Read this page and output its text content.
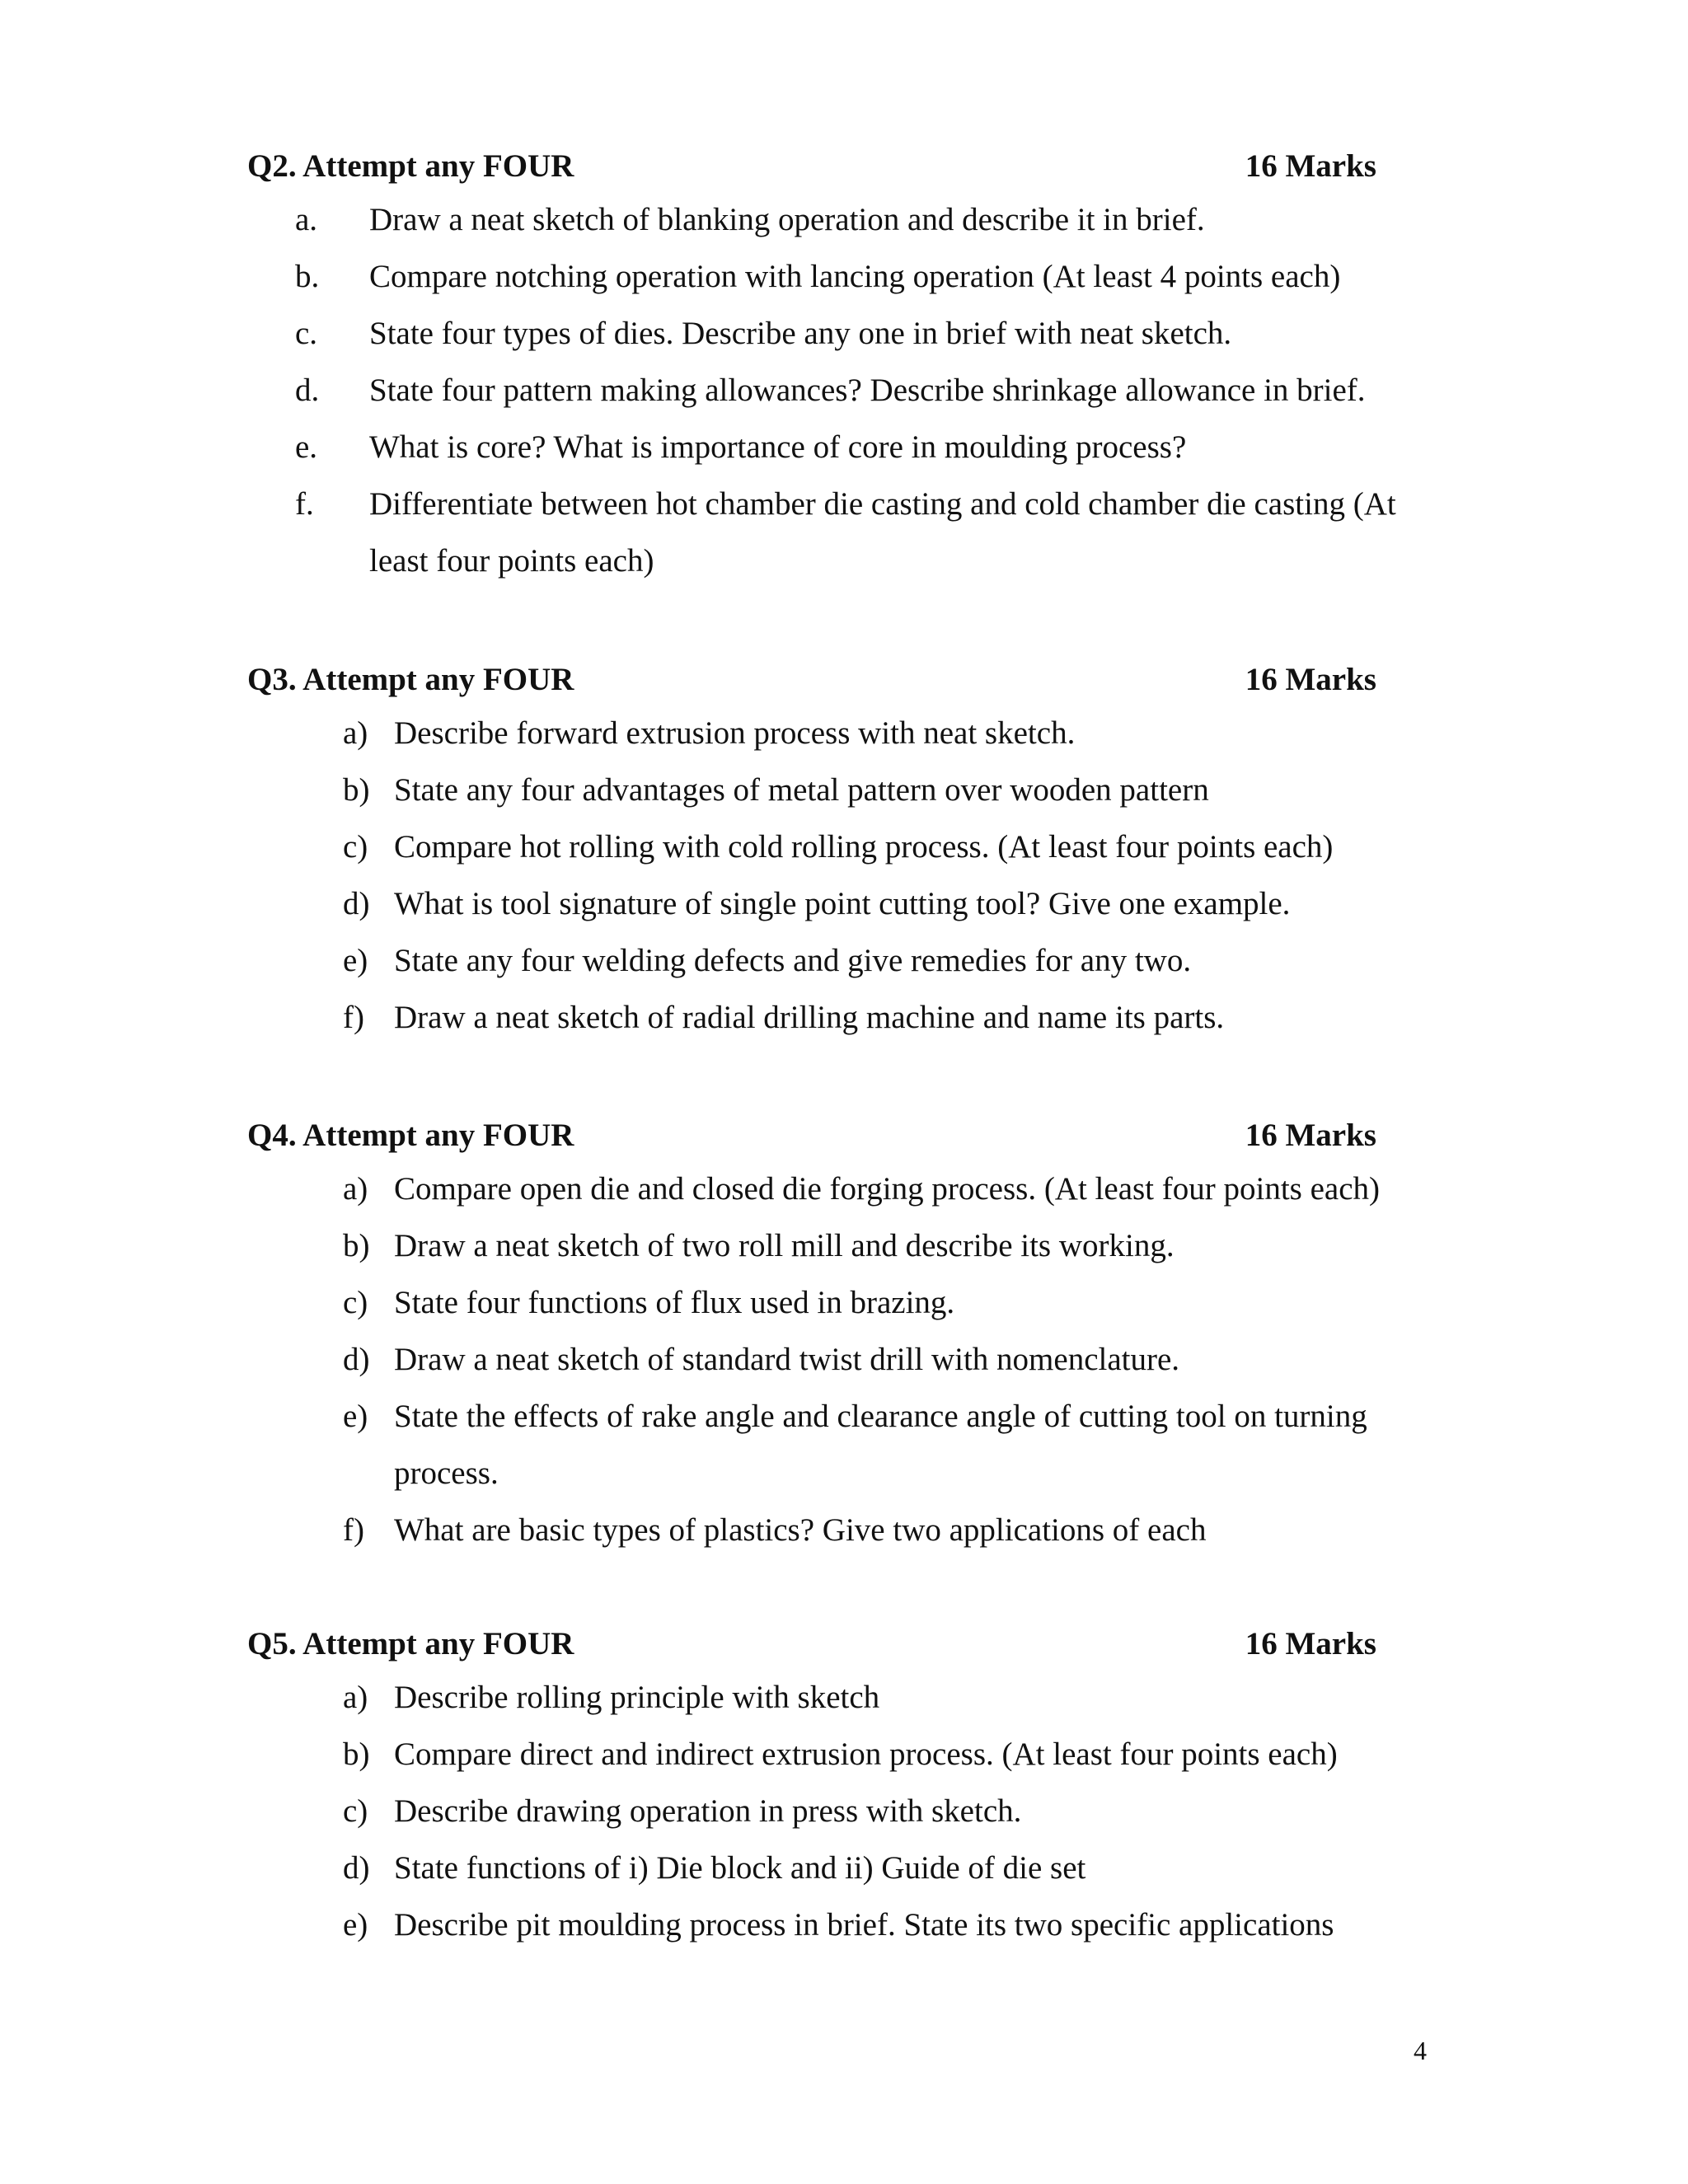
4
Q2. Attempt any FOUR	16 Marks
a. Draw a neat sketch of blanking operation and describe it in brief.
b. Compare notching operation with lancing operation (At least 4 points each)
c. State four types of dies. Describe any one in brief with neat sketch.
d. State four pattern making allowances? Describe shrinkage allowance in brief.
e. What is core? What is importance of core in moulding process?
f. Differentiate between hot chamber die casting and cold chamber die casting (At
least four points each)
Q3. Attempt any FOUR	16 Marks
a) Describe forward extrusion process with neat sketch.
b) State any four advantages of metal pattern over wooden pattern
c) Compare hot rolling with cold rolling process. (At least four points each)
d) What is tool signature of single point cutting tool? Give one example.
e) State any four welding defects and give remedies for any two.
f) Draw a neat sketch of radial drilling machine and name its parts.
Q4. Attempt any FOUR	16 Marks
a) Compare open die and closed die forging process. (At least four points each)
b) Draw a neat sketch of two roll mill and describe its working.
c) State four functions of flux used in brazing.
d) Draw a neat sketch of standard twist drill with nomenclature.
e) State the effects of rake angle and clearance angle of cutting tool on turning
process.
f) What are basic types of plastics? Give two applications of each
Q5. Attempt any FOUR	16 Marks
a) Describe rolling principle with sketch
b) Compare direct and indirect extrusion process. (At least four points each)
c) Describe drawing operation in press with sketch.
d) State functions of i) Die block and ii) Guide of die set
e) Describe pit moulding process in brief. State its two specific applications
